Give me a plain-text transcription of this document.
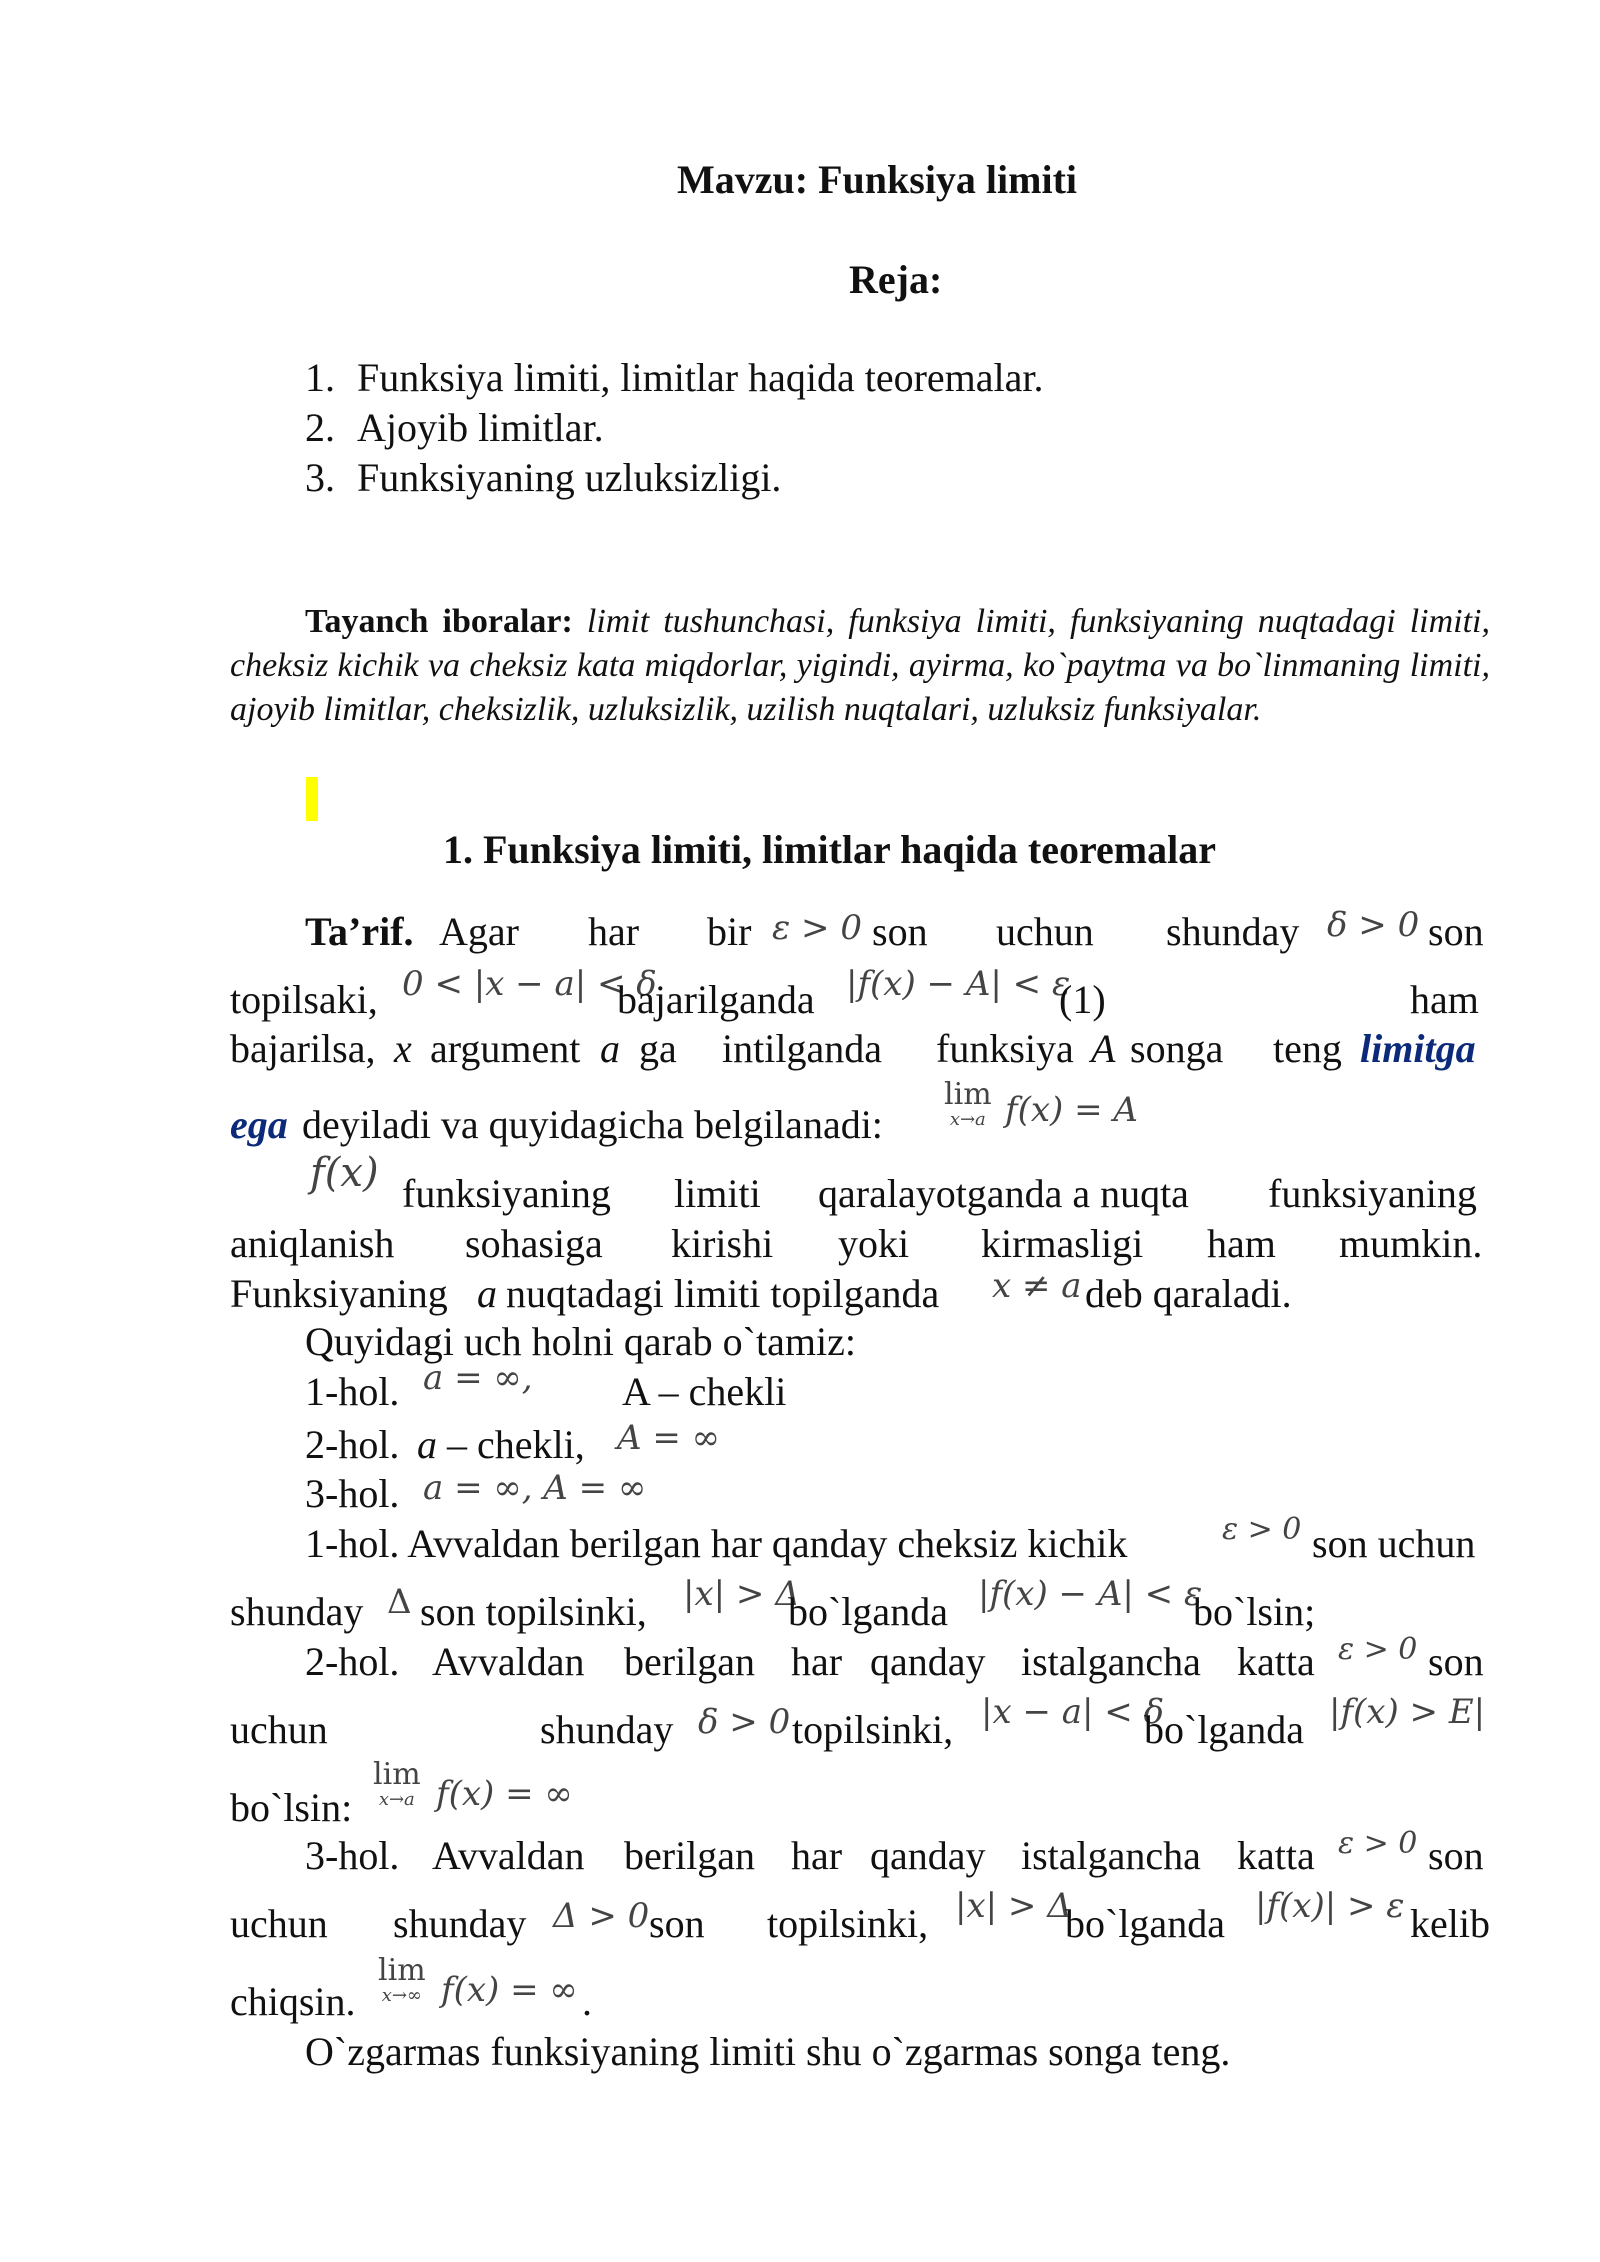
Mavzu: Funksiya limiti
Reja:
1. Funksiya limiti, limitlar haqida teoremalar.
2. Ajoyib limitlar.
3. Funksiyaning uzluksizligi.
Tayanch iboralar: limit tushunchasi, funksiya limiti, funksiyaning nuqtadagi limiti, cheksiz kichik va cheksiz kata miqdorlar, yigindi, ayirma, ko`paytma va bo`linmaning limiti, ajoyib limitlar, cheksizlik, uzluksizlik, uzilish nuqtalari, uzluksiz funksiyalar.
1. Funksiya limiti, limitlar haqida teoremalar
Ta’rif. Agar har bir ε > 0 son uchun shunday δ > 0 son
topilsaki, 0 < |x − a| < δ
bajarilganda |f(x) − A| < ε
(1)	ham
bajarilsa, x argument a ga intilganda funksiya A songa teng limitga
ega deyiladi va quyidagicha belgilanadi:
lim
x→a f(x) = A
f(x) funksiyaning limiti qaralayotganda a nuqta funksiyaning
aniqlanish sohasiga kirishi yoki kirmasligi ham mumkin.
Funksiyaning a nuqtadagi limiti topilganda x ≠ a deb qaraladi.
Quyidagi uch holni qarab o`tamiz:
1-hol. a = ∞, A – chekli
2-hol. a – chekli, A = ∞
3-hol. a = ∞, A = ∞
1-hol. Avvaldan berilgan har qanday cheksiz kichik	ε > 0 son uchun
shunday Δ son topilsinki, |x| > Δ
bo`lganda |f(x) − A| < ε
bo`lsin;
2-hol. Avvaldan berilgan har qanday istalgancha katta ε > 0 son
uchun	shunday δ > 0 topilsinki, |x − a| < δ
bo`lganda |f(x) > E|
bo`lsin:
lim
x→a f(x) = ∞
3-hol. Avvaldan berilgan har qanday istalgancha katta ε > 0 son
uchun shunday Δ > 0 son topilsinki, |x| > Δ
bo`lganda |f(x)| > ε kelib
chiqsin.
lim
x→∞ f(x) = ∞ .
O`zgarmas funksiyaning limiti shu o`zgarmas songa teng.
